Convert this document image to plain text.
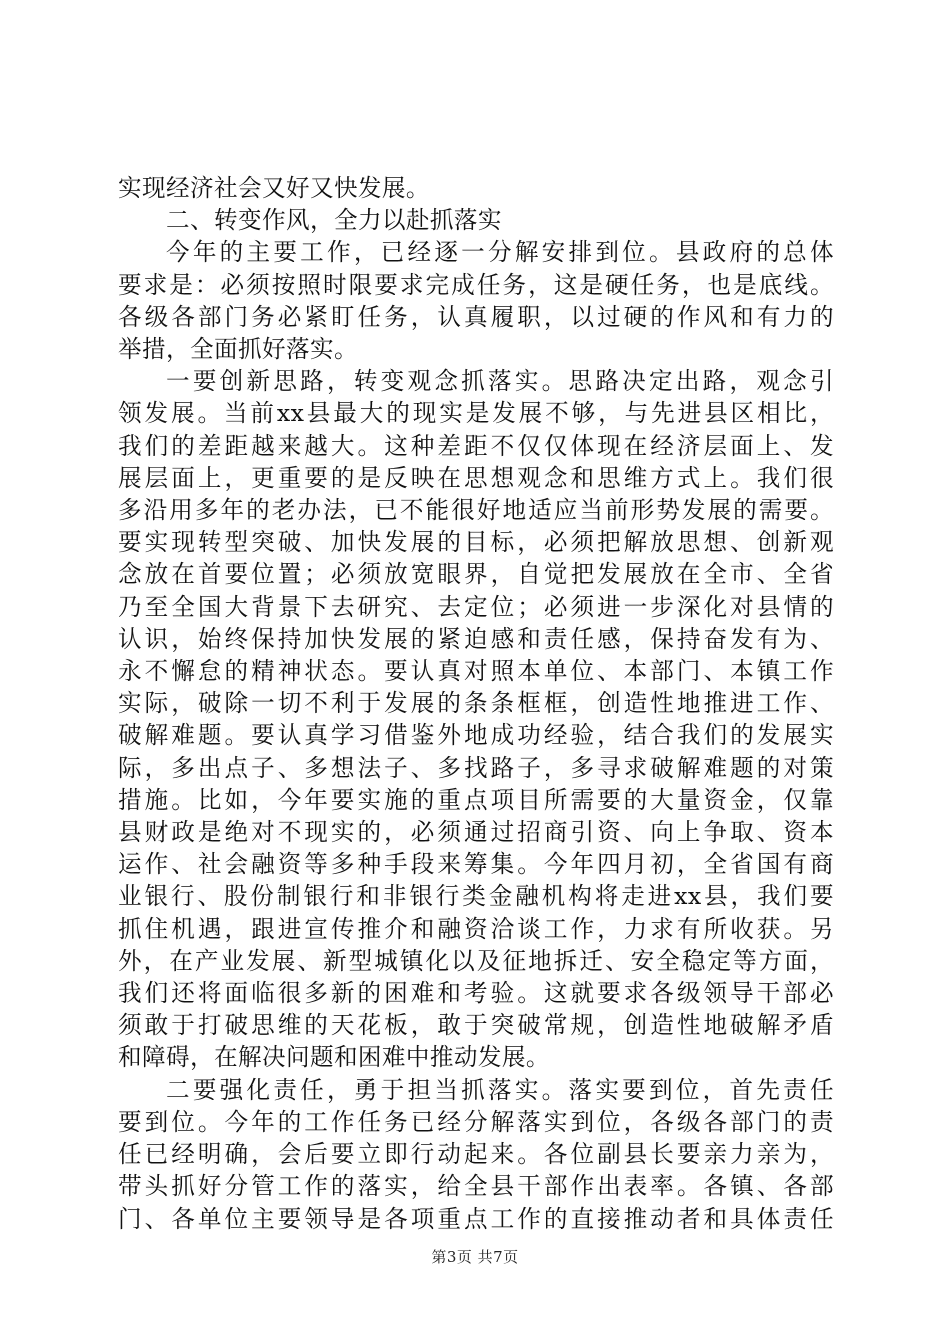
实现经济社会又好又快发展。
二、转变作风，全力以赴抓落实
今年的主要工作，已经逐一分解安排到位。县政府的总体
要求是：必须按照时限要求完成任务，这是硬任务，也是底线。
各级各部门务必紧盯任务，认真履职，以过硬的作风和有力的
举措，全面抓好落实。
一要创新思路，转变观念抓落实。思路决定出路，观念引
领发展。当前xx县最大的现实是发展不够，与先进县区相比，
我们的差距越来越大。这种差距不仅仅体现在经济层面上、发
展层面上，更重要的是反映在思想观念和思维方式上。我们很
多沿用多年的老办法，已不能很好地适应当前形势发展的需要。
要实现转型突破、加快发展的目标，必须把解放思想、创新观
念放在首要位置；必须放宽眼界，自觉把发展放在全市、全省
乃至全国大背景下去研究、去定位；必须进一步深化对县情的
认识，始终保持加快发展的紧迫感和责任感，保持奋发有为、
永不懈怠的精神状态。要认真对照本单位、本部门、本镇工作
实际，破除一切不利于发展的条条框框，创造性地推进工作、
破解难题。要认真学习借鉴外地成功经验，结合我们的发展实
际，多出点子、多想法子、多找路子，多寻求破解难题的对策
措施。比如，今年要实施的重点项目所需要的大量资金，仅靠
县财政是绝对不现实的，必须通过招商引资、向上争取、资本
运作、社会融资等多种手段来筹集。今年四月初，全省国有商
业银行、股份制银行和非银行类金融机构将走进xx县，我们要
抓住机遇，跟进宣传推介和融资洽谈工作，力求有所收获。另
外，在产业发展、新型城镇化以及征地拆迁、安全稳定等方面，
我们还将面临很多新的困难和考验。这就要求各级领导干部必
须敢于打破思维的天花板，敢于突破常规，创造性地破解矛盾
和障碍，在解决问题和困难中推动发展。
二要强化责任，勇于担当抓落实。落实要到位，首先责任
要到位。今年的工作任务已经分解落实到位，各级各部门的责
任已经明确，会后要立即行动起来。各位副县长要亲力亲为，
带头抓好分管工作的落实，给全县干部作出表率。各镇、各部
门、各单位主要领导是各项重点工作的直接推动者和具体责任
第3页 共7页
